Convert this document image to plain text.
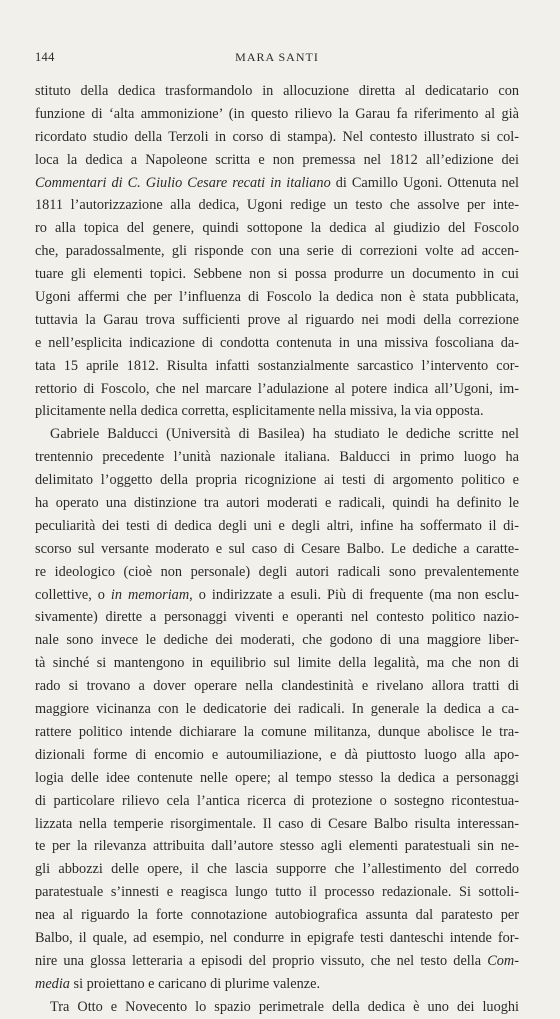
144	MARA SANTI
stituto della dedica trasformandolo in allocuzione diretta al dedicatario con
funzione di ‘alta ammonizione’ (in questo rilievo la Garau fa riferimento al già
ricordato studio della Terzoli in corso di stampa). Nel contesto illustrato si col-
loca la dedica a Napoleone scritta e non premessa nel 1812 all’edizione dei
Commentari di C. Giulio Cesare recati in italiano di Camillo Ugoni. Ottenuta nel
1811 l’autorizzazione alla dedica, Ugoni redige un testo che assolve per inte-
ro alla topica del genere, quindi sottopone la dedica al giudizio del Foscolo
che, paradossalmente, gli risponde con una serie di correzioni volte ad accen-
tuare gli elementi topici. Sebbene non si possa produrre un documento in cui
Ugoni affermi che per l’influenza di Foscolo la dedica non è stata pubblicata,
tuttavia la Garau trova sufficienti prove al riguardo nei modi della correzione
e nell’esplicita indicazione di condotta contenuta in una missiva foscoliana da-
tata 15 aprile 1812. Risulta infatti sostanzialmente sarcastico l’intervento cor-
rettorio di Foscolo, che nel marcare l’adulazione al potere indica all’Ugoni, im-
plicitamente nella dedica corretta, esplicitamente nella missiva, la via opposta.
Gabriele Balducci (Università di Basilea) ha studiato le dediche scritte nel
trentennio precedente l’unità nazionale italiana. Balducci in primo luogo ha
delimitato l’oggetto della propria ricognizione ai testi di argomento politico e
ha operato una distinzione tra autori moderati e radicali, quindi ha definito le
peculiarità dei testi di dedica degli uni e degli altri, infine ha soffermato il di-
scorso sul versante moderato e sul caso di Cesare Balbo. Le dediche a caratte-
re ideologico (cioè non personale) degli autori radicali sono prevalentemente
collettive, o in memoriam, o indirizzate a esuli. Più di frequente (ma non esclu-
sivamente) dirette a personaggi viventi e operanti nel contesto politico nazio-
nale sono invece le dediche dei moderati, che godono di una maggiore liber-
tà sinché si mantengono in equilibrio sul limite della legalità, ma che non di
rado si trovano a dover operare nella clandestinità e rivelano allora tratti di
maggiore vicinanza con le dedicatorie dei radicali. In generale la dedica a ca-
rattere politico intende dichiarare la comune militanza, dunque abolisce le tra-
dizionali forme di encomio e autoumiliazione, e dà piuttosto luogo alla apo-
logia delle idee contenute nelle opere; al tempo stesso la dedica a personaggi
di particolare rilievo cela l’antica ricerca di protezione o sostegno ricontestua-
lizzata nella temperie risorgimentale. Il caso di Cesare Balbo risulta interessan-
te per la rilevanza attribuita dall’autore stesso agli elementi paratestuali sin ne-
gli abbozzi delle opere, il che lascia supporre che l’allestimento del corredo
paratestuale s’innesti e reagisca lungo tutto il processo redazionale. Si sottoli-
nea al riguardo la forte connotazione autobiografica assunta dal paratesto per
Balbo, il quale, ad esempio, nel condurre in epigrafe testi danteschi intende for-
nire una glossa letteraria a episodi del proprio vissuto, che nel testo della Com-
media si proiettano e caricano di plurime valenze.
Tra Otto e Novecento lo spazio perimetrale della dedica è uno dei luoghi
